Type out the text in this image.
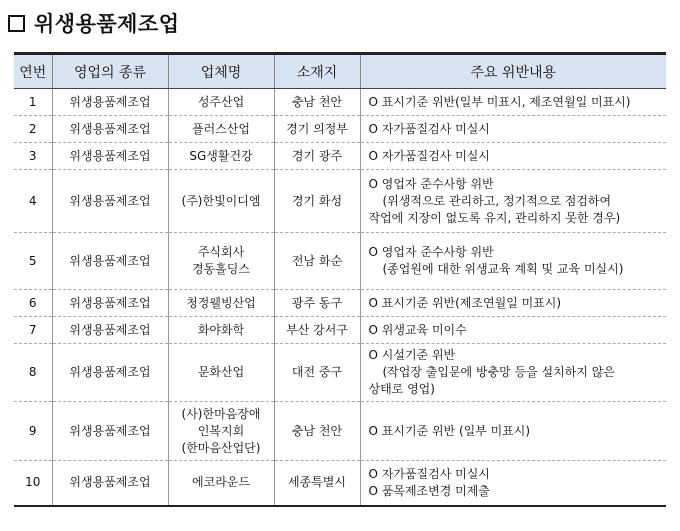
위생용품제조업
연번	영업의 종류	업체명	소재지	주요 위반내용
1	위생용품제조업	성주산업	충남 천안	O 표시기준 위반(일부 미표시, 제조연월일 미표시)

2	위생용품제조업	플러스산업	경기 의정부	O 자가품질검사 미실시

3	위생용품제조업	SG생활건강	경기 광주	O 자가품질검사 미실시

4	위생용품제조업	(주)한빛이디엠	경기 화성	O 영업자 준수사항 위반
(위생적으로 관리하고, 정기적으로 점검하여
작업에 지장이 없도록 유지, 관리하지 못한 경우)

5	위생용품제조업	주식회사
경동홀딩스	전남 화순	O 영업자 준수사항 위반
(종업원에 대한 위생교육 계획 및 교육 미실시)

6	위생용품제조업	청정웰빙산업	광주 동구	O 표시기준 위반(제조연월일 미표시)

7	위생용품제조업	화야화학	부산 강서구	O 위생교육 미이수

8	위생용품제조업	문화산업	대전 중구	O 시설기준 위반
(작업장 출입문에 방충망 등을 설치하지 않은
상태로 영업)

9	위생용품제조업	(사)한마음장애
인복지회
(한마음산업단)	충남 천안	O 표시기준 위반 (일부 미표시)

10	위생용품제조업	에코라운드	세종특별시	O 자가품질검사 미실시
O 품목제조변경 미제출
